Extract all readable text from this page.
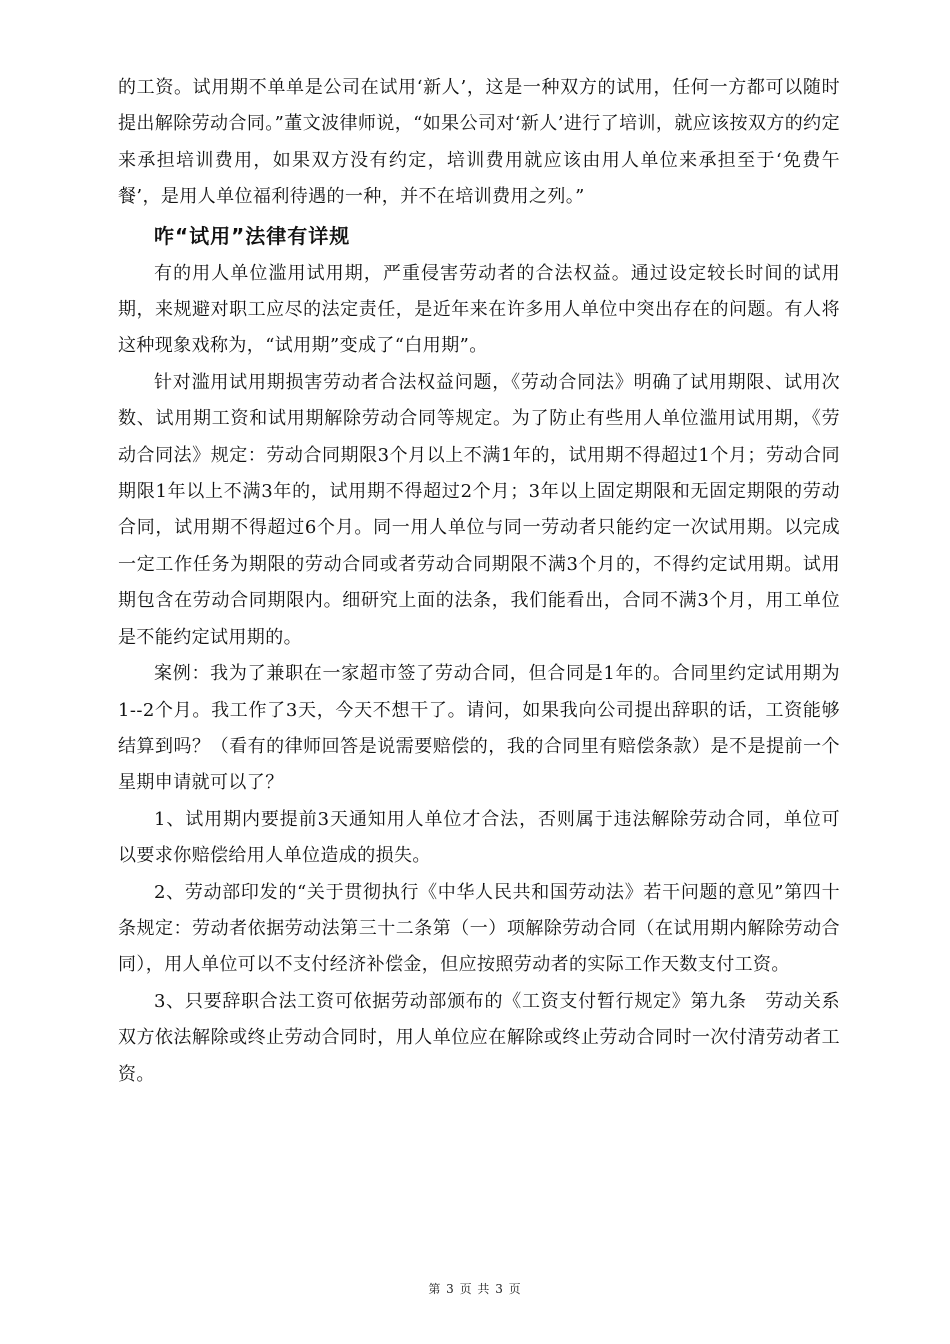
的工资。试用期不单单是公司在试用‘新人’，这是一种双方的试用，任何一方都可以随时提出解除劳动合同。”董文波律师说，“如果公司对‘新人’进行了培训，就应该按双方的约定来承担培训费用，如果双方没有约定，培训费用就应该由用人单位来承担至于‘免费午餐’，是用人单位福利待遇的一种，并不在培训费用之列。”

咋“试用”法律有详规

有的用人单位滥用试用期，严重侵害劳动者的合法权益。通过设定较长时间的试用期，来规避对职工应尽的法定责任，是近年来在许多用人单位中突出存在的问题。有人将这种现象戏称为，“试用期”变成了“白用期”。

针对滥用试用期损害劳动者合法权益问题，《劳动合同法》明确了试用期限、试用次数、试用期工资和试用期解除劳动合同等规定。为了防止有些用人单位滥用试用期，《劳动合同法》规定：劳动合同期限3个月以上不满1年的，试用期不得超过1个月；劳动合同期限1年以上不满3年的，试用期不得超过2个月；3年以上固定期限和无固定期限的劳动合同，试用期不得超过6个月。同一用人单位与同一劳动者只能约定一次试用期。以完成一定工作任务为期限的劳动合同或者劳动合同期限不满3个月的，不得约定试用期。试用期包含在劳动合同期限内。细研究上面的法条，我们能看出，合同不满3个月，用工单位是不能约定试用期的。

案例：我为了兼职在一家超市签了劳动合同，但合同是1年的。合同里约定试用期为1--2个月。我工作了3天，今天不想干了。请问，如果我向公司提出辞职的话，工资能够结算到吗？（看有的律师回答是说需要赔偿的，我的合同里有赔偿条款）是不是提前一个星期申请就可以了？

1、试用期内要提前3天通知用人单位才合法，否则属于违法解除劳动合同，单位可以要求你赔偿给用人单位造成的损失。

2、劳动部印发的“关于贯彻执行《中华人民共和国劳动法》若干问题的意见”第四十条规定：劳动者依据劳动法第三十二条第（一）项解除劳动合同（在试用期内解除劳动合同），用人单位可以不支付经济补偿金，但应按照劳动者的实际工作天数支付工资。

3、只要辞职合法工资可依据劳动部颁布的《工资支付暂行规定》第九条　劳动关系双方依法解除或终止劳动合同时，用人单位应在解除或终止劳动合同时一次付清劳动者工资。

第 3 页 共 3 页
